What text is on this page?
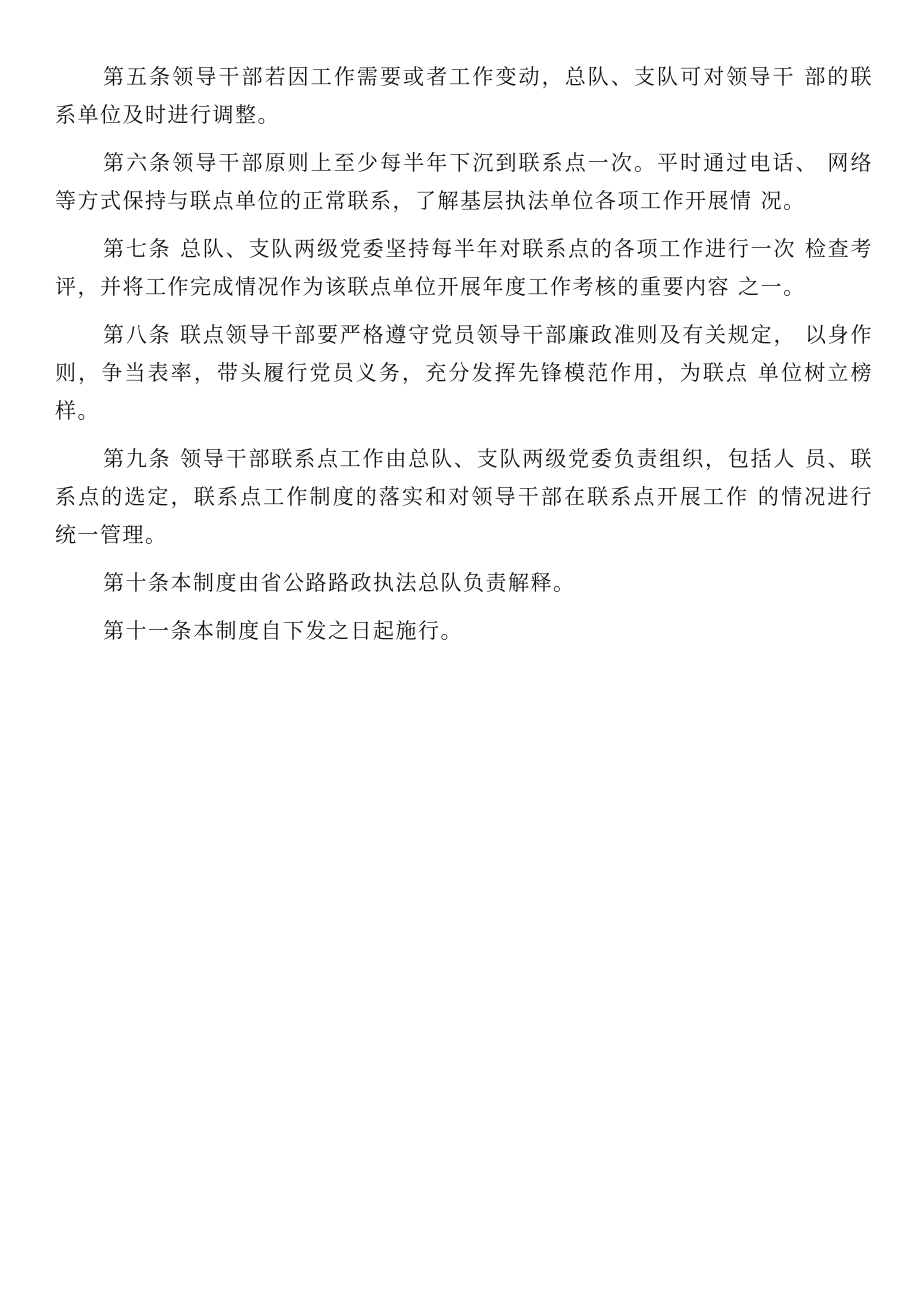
第五条领导干部若因工作需要或者工作变动，总队、支队可对领导干 部的联系单位及时进行调整。

第六条领导干部原则上至少每半年下沉到联系点一次。平时通过电话、 网络等方式保持与联点单位的正常联系，了解基层执法单位各项工作开展情 况。

第七条 总队、支队两级党委坚持每半年对联系点的各项工作进行一次 检查考评，并将工作完成情况作为该联点单位开展年度工作考核的重要内容 之一。

第八条 联点领导干部要严格遵守党员领导干部廉政准则及有关规定， 以身作则，争当表率，带头履行党员义务，充分发挥先锋模范作用，为联点 单位树立榜样。

第九条 领导干部联系点工作由总队、支队两级党委负责组织，包括人 员、联系点的选定，联系点工作制度的落实和对领导干部在联系点开展工作 的情况进行统一管理。

第十条本制度由省公路路政执法总队负责解释。

第十一条本制度自下发之日起施行。
